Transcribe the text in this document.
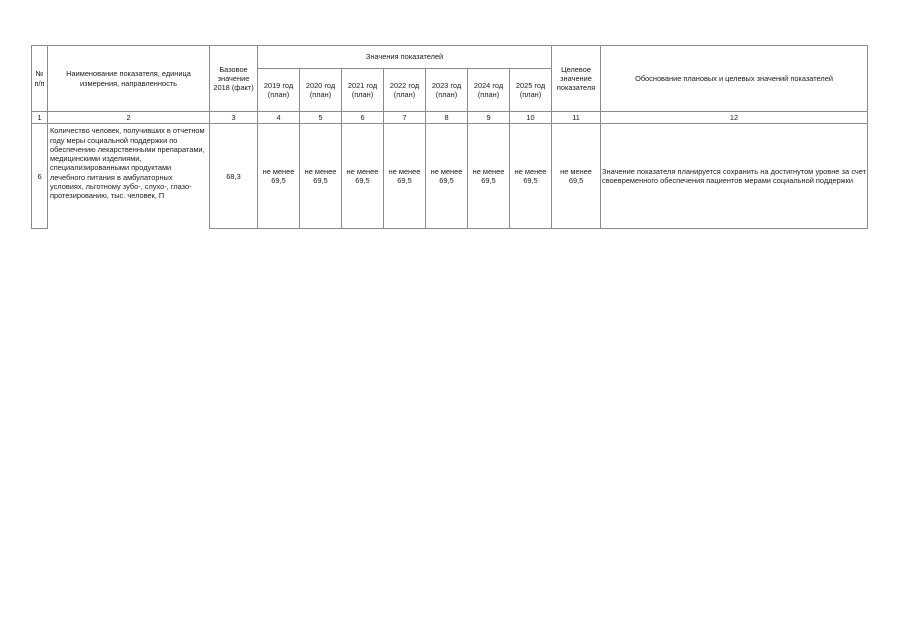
№ п/п	Наименование показателя, единица измерения, направленность	Базовое значение 2018 (факт)	Значения показателей							Целевое значение показателя	Обоснование плановых и целевых значений показателей
			2019 год (план)	2020 год (план)	2021 год (план)	2022 год (план)	2023 год (план)	2024 год (план)	2025 год (план)		
1	2	3	4	5	6	7	8	9	10	11	12
6	Количество человек, получивших в отчетном году меры социальной поддержки по обеспечению лекарственными препаратами, медицинскими изделиями, специализированными продуктами лечебного питания в амбулаторных условиях, льготному зубо-, слухо-, глазо- протезированию, тыс. человек, П	68,3	не менее 69,5	не менее 69,5	не менее 69,5	не менее 69,5	не менее 69,5	не менее 69,5	не менее 69,5	не менее 69,5	Значение показателя планируется сохранить на достигнутом уровне за счет своевременного обеспечения пациентов мерами социальной поддержки
